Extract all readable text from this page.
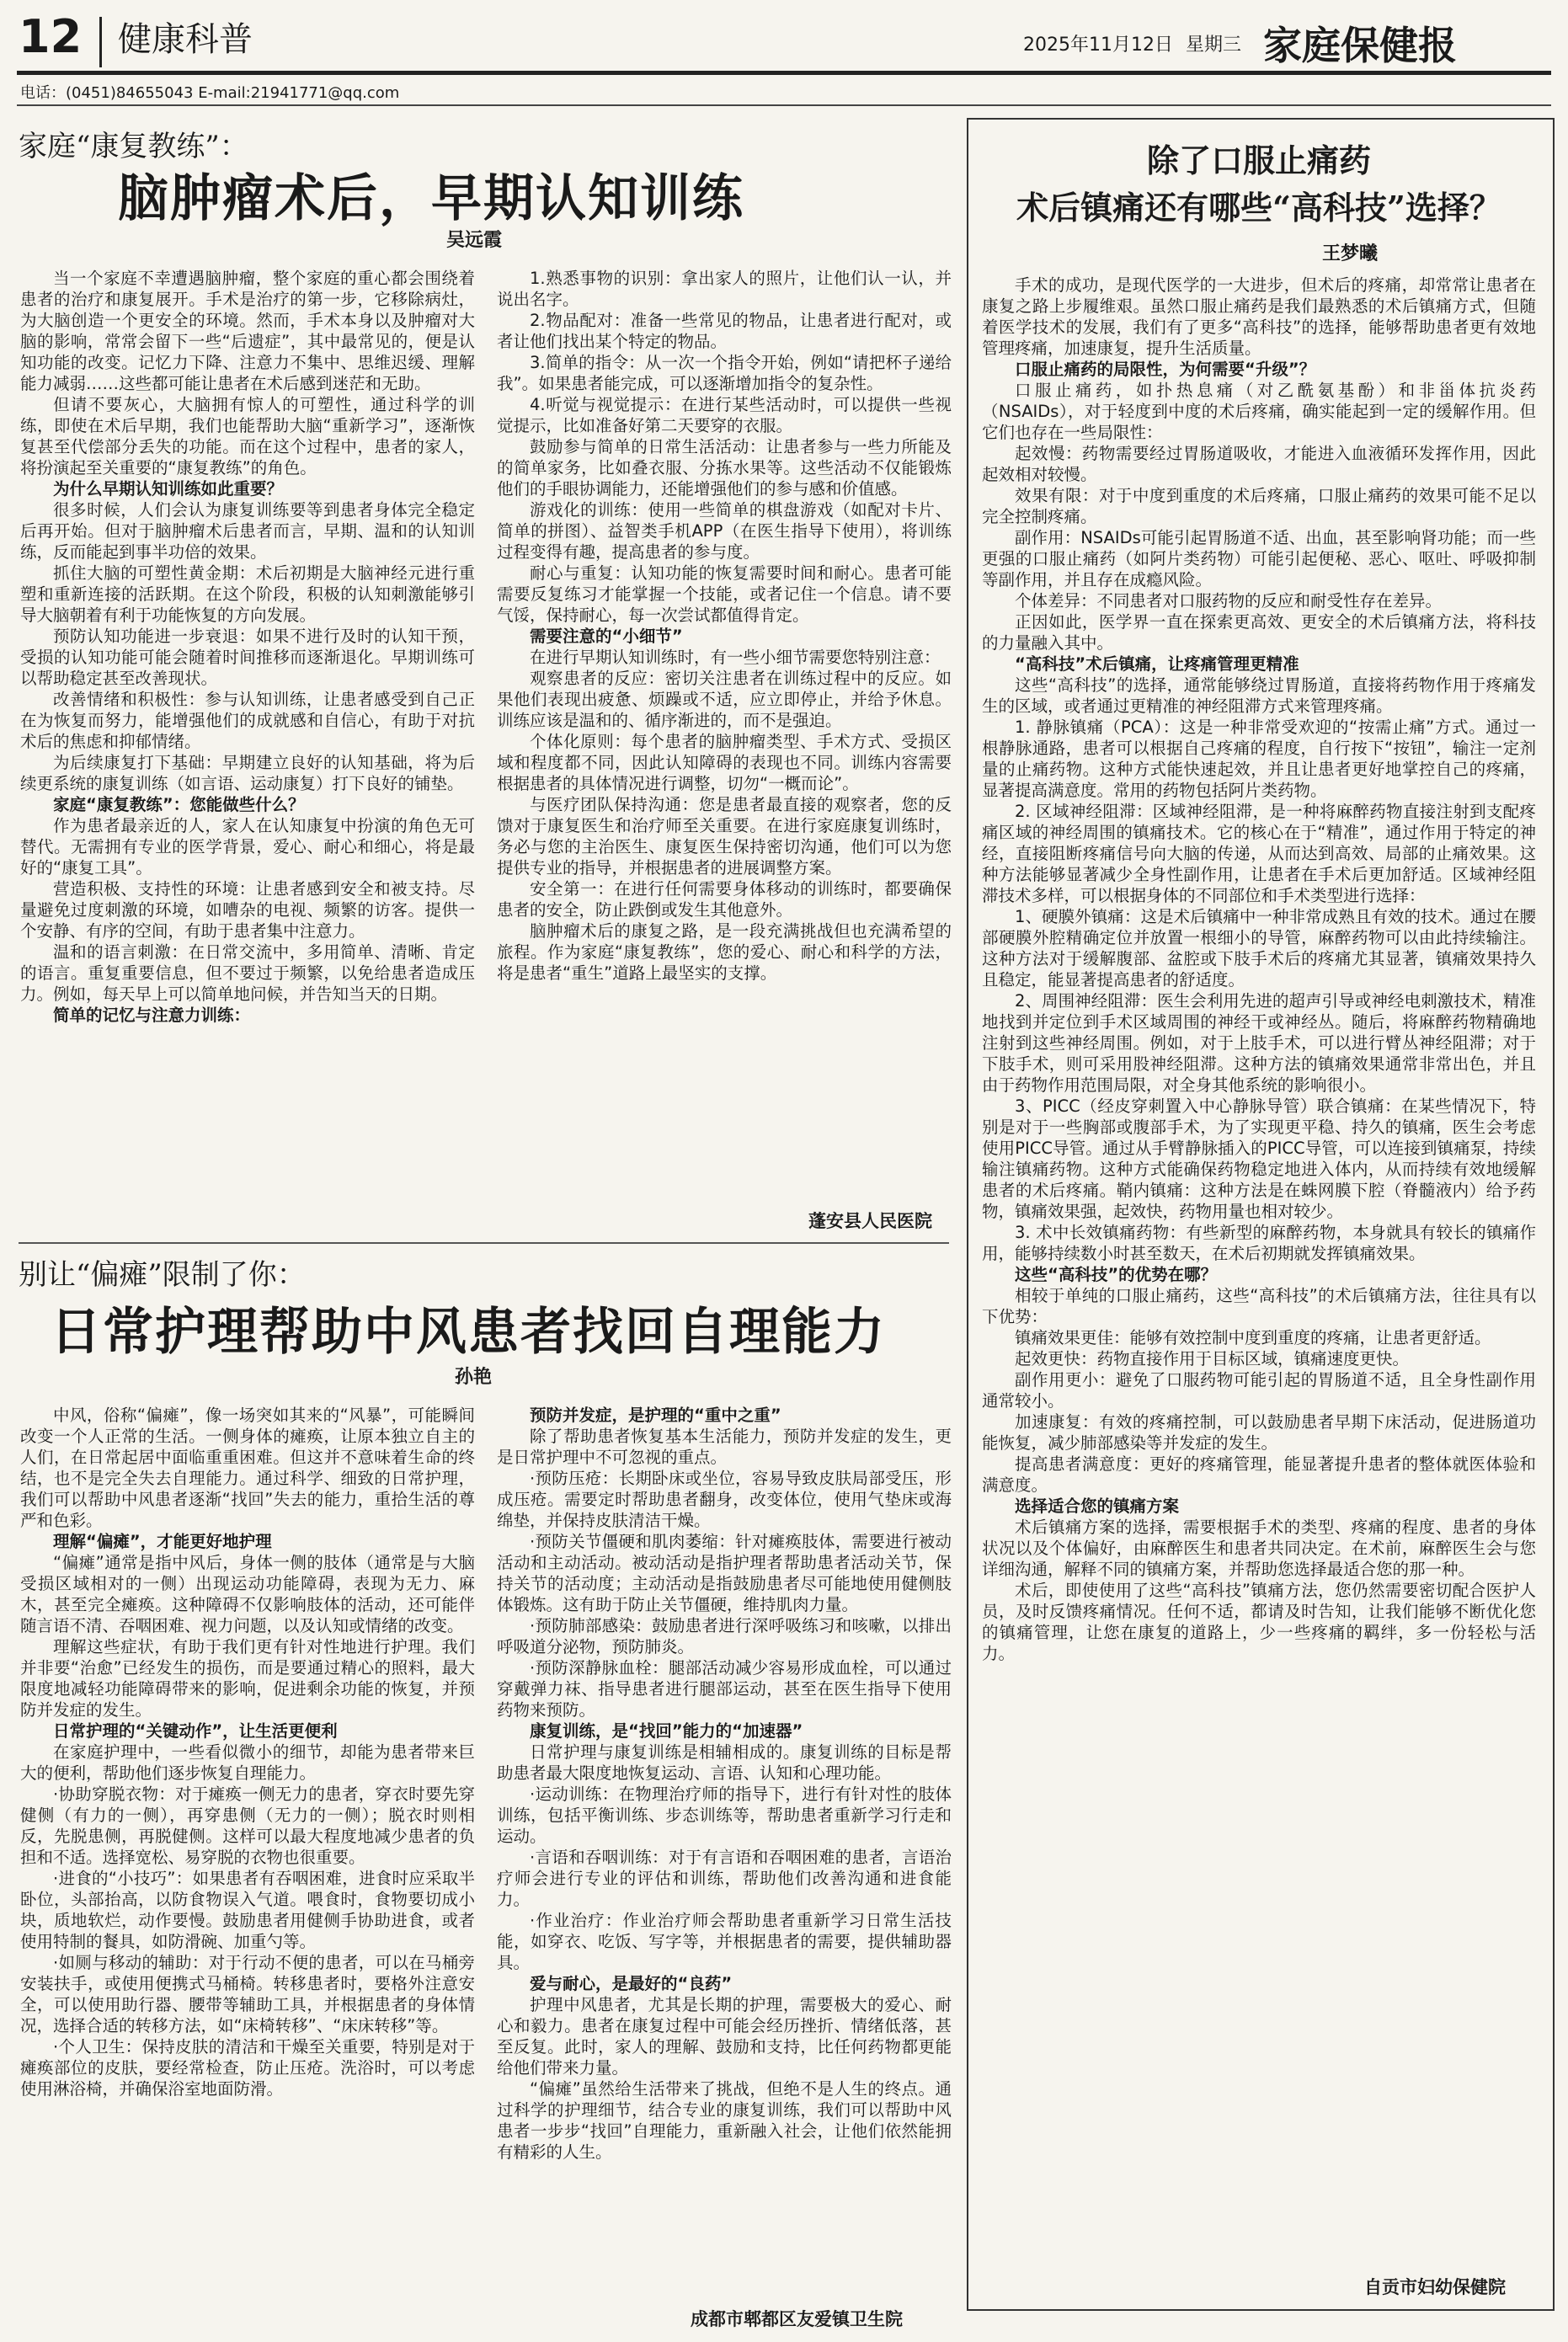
12 健康科普	2025年11月12日 星期三 家庭保健报
电话：(0451)84655043 E-mail:21941771@qq.com
家庭“康复教练”：
脑肿瘤术后，早期认知训练
吴远霞

当一个家庭不幸遭遇脑肿瘤，整个家庭的重心都会围绕着患者的治疗和康复展开。手术是治疗的第一步，它移除病灶，为大脑创造一个更安全的环境。然而，手术本身以及肿瘤对大脑的影响，常常会留下一些“后遗症”，其中最常见的，便是认知功能的改变。记忆力下降、注意力不集中、思维迟缓、理解能力减弱……这些都可能让患者在术后感到迷茫和无助。

但请不要灰心，大脑拥有惊人的可塑性，通过科学的训练，即使在术后早期，我们也能帮助大脑“重新学习”，逐渐恢复甚至代偿部分丢失的功能。而在这个过程中，患者的家人，将扮演起至关重要的“康复教练”的角色。

为什么早期认知训练如此重要？

很多时候，人们会认为康复训练要等到患者身体完全稳定后再开始。但对于脑肿瘤术后患者而言，早期、温和的认知训练，反而能起到事半功倍的效果。

抓住大脑的可塑性黄金期：术后初期是大脑神经元进行重塑和重新连接的活跃期。在这个阶段，积极的认知刺激能够引导大脑朝着有利于功能恢复的方向发展。

预防认知功能进一步衰退：如果不进行及时的认知干预，受损的认知功能可能会随着时间推移而逐渐退化。早期训练可以帮助稳定甚至改善现状。

改善情绪和积极性：参与认知训练，让患者感受到自己正在为恢复而努力，能增强他们的成就感和自信心，有助于对抗术后的焦虑和抑郁情绪。

为后续康复打下基础：早期建立良好的认知基础，将为后续更系统的康复训练（如言语、运动康复）打下良好的铺垫。

家庭“康复教练”：您能做些什么？

作为患者最亲近的人，家人在认知康复中扮演的角色无可替代。无需拥有专业的医学背景，爱心、耐心和细心，将是最好的“康复工具”。

营造积极、支持性的环境：让患者感到安全和被支持。尽量避免过度刺激的环境，如嘈杂的电视、频繁的访客。提供一个安静、有序的空间，有助于患者集中注意力。

温和的语言刺激：在日常交流中，多用简单、清晰、肯定的语言。重复重要信息，但不要过于频繁，以免给患者造成压力。例如，每天早上可以简单地问候，并告知当天的日期。

简单的记忆与注意力训练：

1.熟悉事物的识别：拿出家人的照片，让他们认一认，并说出名字。

2.物品配对：准备一些常见的物品，让患者进行配对，或者让他们找出某个特定的物品。

3.简单的指令：从一次一个指令开始，例如“请把杯子递给我”。如果患者能完成，可以逐渐增加指令的复杂性。

4.听觉与视觉提示：在进行某些活动时，可以提供一些视觉提示，比如准备好第二天要穿的衣服。

鼓励参与简单的日常生活活动：让患者参与一些力所能及的简单家务，比如叠衣服、分拣水果等。这些活动不仅能锻炼他们的手眼协调能力，还能增强他们的参与感和价值感。

游戏化的训练：使用一些简单的棋盘游戏（如配对卡片、简单的拼图）、益智类手机APP（在医生指导下使用），将训练过程变得有趣，提高患者的参与度。

耐心与重复：认知功能的恢复需要时间和耐心。患者可能需要反复练习才能掌握一个技能，或者记住一个信息。请不要气馁，保持耐心，每一次尝试都值得肯定。

需要注意的“小细节”

在进行早期认知训练时，有一些小细节需要您特别注意：

观察患者的反应：密切关注患者在训练过程中的反应。如果他们表现出疲惫、烦躁或不适，应立即停止，并给予休息。训练应该是温和的、循序渐进的，而不是强迫。

个体化原则：每个患者的脑肿瘤类型、手术方式、受损区域和程度都不同，因此认知障碍的表现也不同。训练内容需要根据患者的具体情况进行调整，切勿“一概而论”。

与医疗团队保持沟通：您是患者最直接的观察者，您的反馈对于康复医生和治疗师至关重要。在进行家庭康复训练时，务必与您的主治医生、康复医生保持密切沟通，他们可以为您提供专业的指导，并根据患者的进展调整方案。

安全第一：在进行任何需要身体移动的训练时，都要确保患者的安全，防止跌倒或发生其他意外。

脑肿瘤术后的康复之路，是一段充满挑战但也充满希望的旅程。作为家庭“康复教练”，您的爱心、耐心和科学的方法，将是患者“重生”道路上最坚实的支撑。

蓬安县人民医院
别让“偏瘫”限制了你：
日常护理帮助中风患者找回自理能力
孙艳

中风，俗称“偏瘫”，像一场突如其来的“风暴”，可能瞬间改变一个人正常的生活。一侧身体的瘫痪，让原本独立自主的人们，在日常起居中面临重重困难。但这并不意味着生命的终结，也不是完全失去自理能力。通过科学、细致的日常护理，我们可以帮助中风患者逐渐“找回”失去的能力，重拾生活的尊严和色彩。

理解“偏瘫”，才能更好地护理

“偏瘫”通常是指中风后，身体一侧的肢体（通常是与大脑受损区域相对的一侧）出现运动功能障碍，表现为无力、麻木，甚至完全瘫痪。这种障碍不仅影响肢体的活动，还可能伴随言语不清、吞咽困难、视力问题，以及认知或情绪的改变。

理解这些症状，有助于我们更有针对性地进行护理。我们并非要“治愈”已经发生的损伤，而是要通过精心的照料，最大限度地减轻功能障碍带来的影响，促进剩余功能的恢复，并预防并发症的发生。

日常护理的“关键动作”，让生活更便利

在家庭护理中，一些看似微小的细节，却能为患者带来巨大的便利，帮助他们逐步恢复自理能力。

·协助穿脱衣物：对于瘫痪一侧无力的患者，穿衣时要先穿健侧（有力的一侧），再穿患侧（无力的一侧）；脱衣时则相反，先脱患侧，再脱健侧。这样可以最大程度地减少患者的负担和不适。选择宽松、易穿脱的衣物也很重要。

·进食的“小技巧”：如果患者有吞咽困难，进食时应采取半卧位，头部抬高，以防食物误入气道。喂食时，食物要切成小块，质地软烂，动作要慢。鼓励患者用健侧手协助进食，或者使用特制的餐具，如防滑碗、加重勺等。

·如厕与移动的辅助：对于行动不便的患者，可以在马桶旁安装扶手，或使用便携式马桶椅。转移患者时，要格外注意安全，可以使用助行器、腰带等辅助工具，并根据患者的身体情况，选择合适的转移方法，如“床椅转移”、“床床转移”等。

·个人卫生：保持皮肤的清洁和干燥至关重要，特别是对于瘫痪部位的皮肤，要经常检查，防止压疮。洗浴时，可以考虑使用淋浴椅，并确保浴室地面防滑。

预防并发症，是护理的“重中之重”

除了帮助患者恢复基本生活能力，预防并发症的发生，更是日常护理中不可忽视的重点。

·预防压疮：长期卧床或坐位，容易导致皮肤局部受压，形成压疮。需要定时帮助患者翻身，改变体位，使用气垫床或海绵垫，并保持皮肤清洁干燥。

·预防关节僵硬和肌肉萎缩：针对瘫痪肢体，需要进行被动活动和主动活动。被动活动是指护理者帮助患者活动关节，保持关节的活动度；主动活动是指鼓励患者尽可能地使用健侧肢体锻炼。这有助于防止关节僵硬，维持肌肉力量。

·预防肺部感染：鼓励患者进行深呼吸练习和咳嗽，以排出呼吸道分泌物，预防肺炎。

·预防深静脉血栓：腿部活动减少容易形成血栓，可以通过穿戴弹力袜、指导患者进行腿部运动，甚至在医生指导下使用药物来预防。

康复训练，是“找回”能力的“加速器”

日常护理与康复训练是相辅相成的。康复训练的目标是帮助患者最大限度地恢复运动、言语、认知和心理功能。

·运动训练：在物理治疗师的指导下，进行有针对性的肢体训练，包括平衡训练、步态训练等，帮助患者重新学习行走和运动。

·言语和吞咽训练：对于有言语和吞咽困难的患者，言语治疗师会进行专业的评估和训练，帮助他们改善沟通和进食能力。

·作业治疗：作业治疗师会帮助患者重新学习日常生活技能，如穿衣、吃饭、写字等，并根据患者的需要，提供辅助器具。

爱与耐心，是最好的“良药”

护理中风患者，尤其是长期的护理，需要极大的爱心、耐心和毅力。患者在康复过程中可能会经历挫折、情绪低落，甚至反复。此时，家人的理解、鼓励和支持，比任何药物都更能给他们带来力量。

“偏瘫”虽然给生活带来了挑战，但绝不是人生的终点。通过科学的护理细节，结合专业的康复训练，我们可以帮助中风患者一步步“找回”自理能力，重新融入社会，让他们依然能拥有精彩的人生。

成都市郫都区友爱镇卫生院
除了口服止痛药
术后镇痛还有哪些“高科技”选择？
王梦曦

手术的成功，是现代医学的一大进步，但术后的疼痛，却常常让患者在康复之路上步履维艰。虽然口服止痛药是我们最熟悉的术后镇痛方式，但随着医学技术的发展，我们有了更多“高科技”的选择，能够帮助患者更有效地管理疼痛，加速康复，提升生活质量。

口服止痛药的局限性，为何需要“升级”？

口服止痛药，如扑热息痛（对乙酰氨基酚）和非甾体抗炎药（NSAIDs），对于轻度到中度的术后疼痛，确实能起到一定的缓解作用。但它们也存在一些局限性：

起效慢：药物需要经过胃肠道吸收，才能进入血液循环发挥作用，因此起效相对较慢。

效果有限：对于中度到重度的术后疼痛，口服止痛药的效果可能不足以完全控制疼痛。

副作用：NSAIDs可能引起胃肠道不适、出血，甚至影响肾功能；而一些更强的口服止痛药（如阿片类药物）可能引起便秘、恶心、呕吐、呼吸抑制等副作用，并且存在成瘾风险。

个体差异：不同患者对口服药物的反应和耐受性存在差异。

正因如此，医学界一直在探索更高效、更安全的术后镇痛方法，将科技的力量融入其中。

“高科技”术后镇痛，让疼痛管理更精准

这些“高科技”的选择，通常能够绕过胃肠道，直接将药物作用于疼痛发生的区域，或者通过更精准的神经阻滞方式来管理疼痛。

1. 静脉镇痛（PCA）：这是一种非常受欢迎的“按需止痛”方式。通过一根静脉通路，患者可以根据自己疼痛的程度，自行按下“按钮”，输注一定剂量的止痛药物。这种方式能快速起效，并且让患者更好地掌控自己的疼痛，显著提高满意度。常用的药物包括阿片类药物。

2. 区域神经阻滞：区域神经阻滞，是一种将麻醉药物直接注射到支配疼痛区域的神经周围的镇痛技术。它的核心在于“精准”，通过作用于特定的神经，直接阻断疼痛信号向大脑的传递，从而达到高效、局部的止痛效果。这种方法能够显著减少全身性副作用，让患者在手术后更加舒适。区域神经阻滞技术多样，可以根据身体的不同部位和手术类型进行选择：

1、硬膜外镇痛：这是术后镇痛中一种非常成熟且有效的技术。通过在腰部硬膜外腔精确定位并放置一根细小的导管，麻醉药物可以由此持续输注。这种方法对于缓解腹部、盆腔或下肢手术后的疼痛尤其显著，镇痛效果持久且稳定，能显著提高患者的舒适度。

2、周围神经阻滞：医生会利用先进的超声引导或神经电刺激技术，精准地找到并定位到手术区域周围的神经干或神经丛。随后，将麻醉药物精确地注射到这些神经周围。例如，对于上肢手术，可以进行臂丛神经阻滞；对于下肢手术，则可采用股神经阻滞。这种方法的镇痛效果通常非常出色，并且由于药物作用范围局限，对全身其他系统的影响很小。

3、PICC（经皮穿刺置入中心静脉导管）联合镇痛：在某些情况下，特别是对于一些胸部或腹部手术，为了实现更平稳、持久的镇痛，医生会考虑使用PICC导管。通过从手臂静脉插入的PICC导管，可以连接到镇痛泵，持续输注镇痛药物。这种方式能确保药物稳定地进入体内，从而持续有效地缓解患者的术后疼痛。鞘内镇痛：这种方法是在蛛网膜下腔（脊髓液内）给予药物，镇痛效果强，起效快，药物用量也相对较少。

3. 术中长效镇痛药物：有些新型的麻醉药物，本身就具有较长的镇痛作用，能够持续数小时甚至数天，在术后初期就发挥镇痛效果。

这些“高科技”的优势在哪？

相较于单纯的口服止痛药，这些“高科技”的术后镇痛方法，往往具有以下优势：

镇痛效果更佳：能够有效控制中度到重度的疼痛，让患者更舒适。

起效更快：药物直接作用于目标区域，镇痛速度更快。

副作用更小：避免了口服药物可能引起的胃肠道不适，且全身性副作用通常较小。

加速康复：有效的疼痛控制，可以鼓励患者早期下床活动，促进肠道功能恢复，减少肺部感染等并发症的发生。

提高患者满意度：更好的疼痛管理，能显著提升患者的整体就医体验和满意度。

选择适合您的镇痛方案

术后镇痛方案的选择，需要根据手术的类型、疼痛的程度、患者的身体状况以及个体偏好，由麻醉医生和患者共同决定。在术前，麻醉医生会与您详细沟通，解释不同的镇痛方案，并帮助您选择最适合您的那一种。

术后，即使使用了这些“高科技”镇痛方法，您仍然需要密切配合医护人员，及时反馈疼痛情况。任何不适，都请及时告知，让我们能够不断优化您的镇痛管理，让您在康复的道路上，少一些疼痛的羁绊，多一份轻松与活力。

自贡市妇幼保健院
